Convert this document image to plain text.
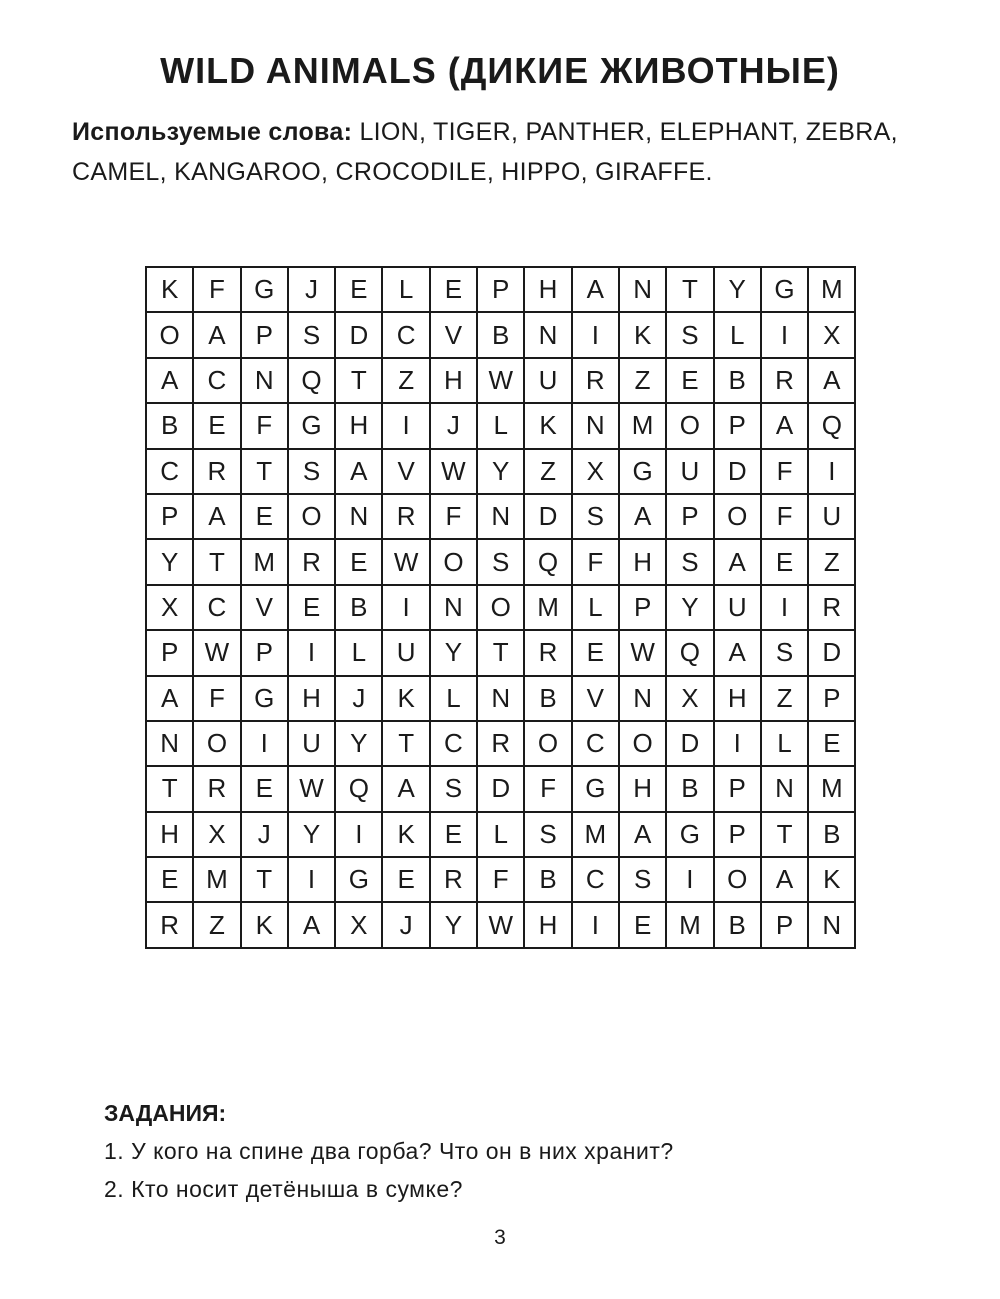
WILD ANIMALS (ДИКИЕ ЖИВОТНЫЕ)

Используемые слова: LION, TIGER, PANTHER, ELEPHANT, ZEBRA,
CAMEL, KANGAROO, CROCODILE, HIPPO, GIRAFFE.

K	F	G	J	E	L	E	P	H	A	N	T	Y	G	M
O	A	P	S	D	C	V	B	N	I	K	S	L	I	X
A	C	N	Q	T	Z	H	W	U	R	Z	E	B	R	A
B	E	F	G	H	I	J	L	K	N	M	O	P	A	Q
C	R	T	S	A	V	W	Y	Z	X	G	U	D	F	I
P	A	E	O	N	R	F	N	D	S	A	P	O	F	U
Y	T	M	R	E	W	O	S	Q	F	H	S	A	E	Z
X	C	V	E	B	I	N	O	M	L	P	Y	U	I	R
P	W	P	I	L	U	Y	T	R	E	W	Q	A	S	D
A	F	G	H	J	K	L	N	B	V	N	X	H	Z	P
N	O	I	U	Y	T	C	R	O	C	O	D	I	L	E
T	R	E	W	Q	A	S	D	F	G	H	B	P	N	M
H	X	J	Y	I	K	E	L	S	M	A	G	P	T	B
E	M	T	I	G	E	R	F	B	C	S	I	O	A	K
R	Z	K	A	X	J	Y	W	H	I	E	M	B	P	N

ЗАДАНИЯ:

1. У кого на спине два горба? Что он в них хранит?

2. Кто носит детёныша в сумке?

3
